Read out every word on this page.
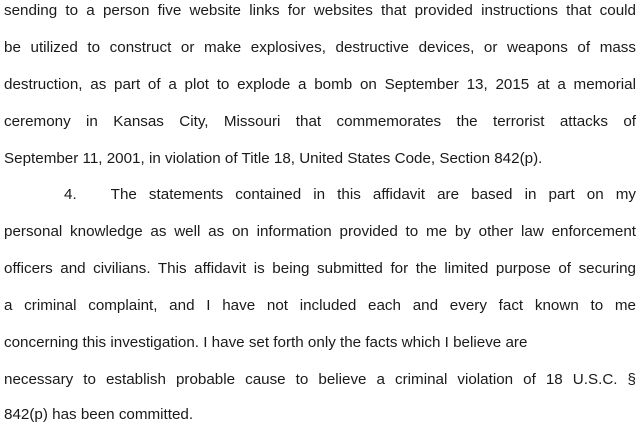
sending to a person five website links for websites that provided instructions that could
be utilized to construct or make explosives, destructive devices, or weapons of mass
destruction, as part of a plot to explode a bomb on September 13, 2015 at a memorial
ceremony in Kansas City, Missouri that commemorates the terrorist attacks of
September 11, 2001, in violation of Title 18, United States Code, Section 842(p).
4. The statements contained in this affidavit are based in part on my
personal knowledge as well as on information provided to me by other law enforcement
officers and civilians. This affidavit is being submitted for the limited purpose of securing
a criminal complaint, and I have not included each and every fact known to me
concerning this investigation. I have set forth only the facts which I believe are
necessary to establish probable cause to believe a criminal violation of 18 U.S.C. §
842(p) has been committed.
